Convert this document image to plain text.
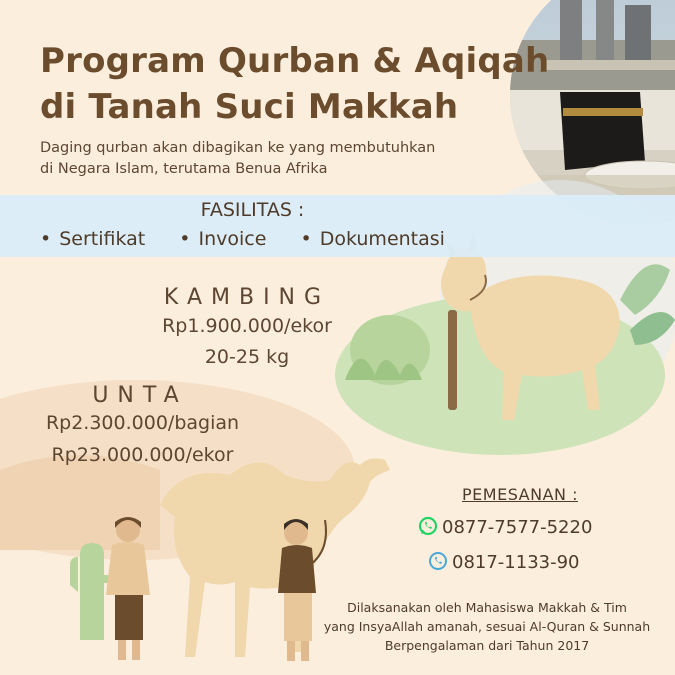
Program Qurban & Aqiqah
di Tanah Suci Makkah
Daging qurban akan dibagikan ke yang membutuhkan
di Negara Islam, terutama Benua Afrika
FASILITAS :
• Sertifikat	• Invoice	• Dokumentasi
KAMBING
Rp1.900.000/ekor
20-25 kg
UNTA
Rp2.300.000/bagian
Rp23.000.000/ekor
PEMESANAN :
0877-7577-5220
0817-1133-90
Dilaksanakan oleh Mahasiswa Makkah & Tim
yang InsyaAllah amanah, sesuai Al-Quran & Sunnah
Berpengalaman dari Tahun 2017
